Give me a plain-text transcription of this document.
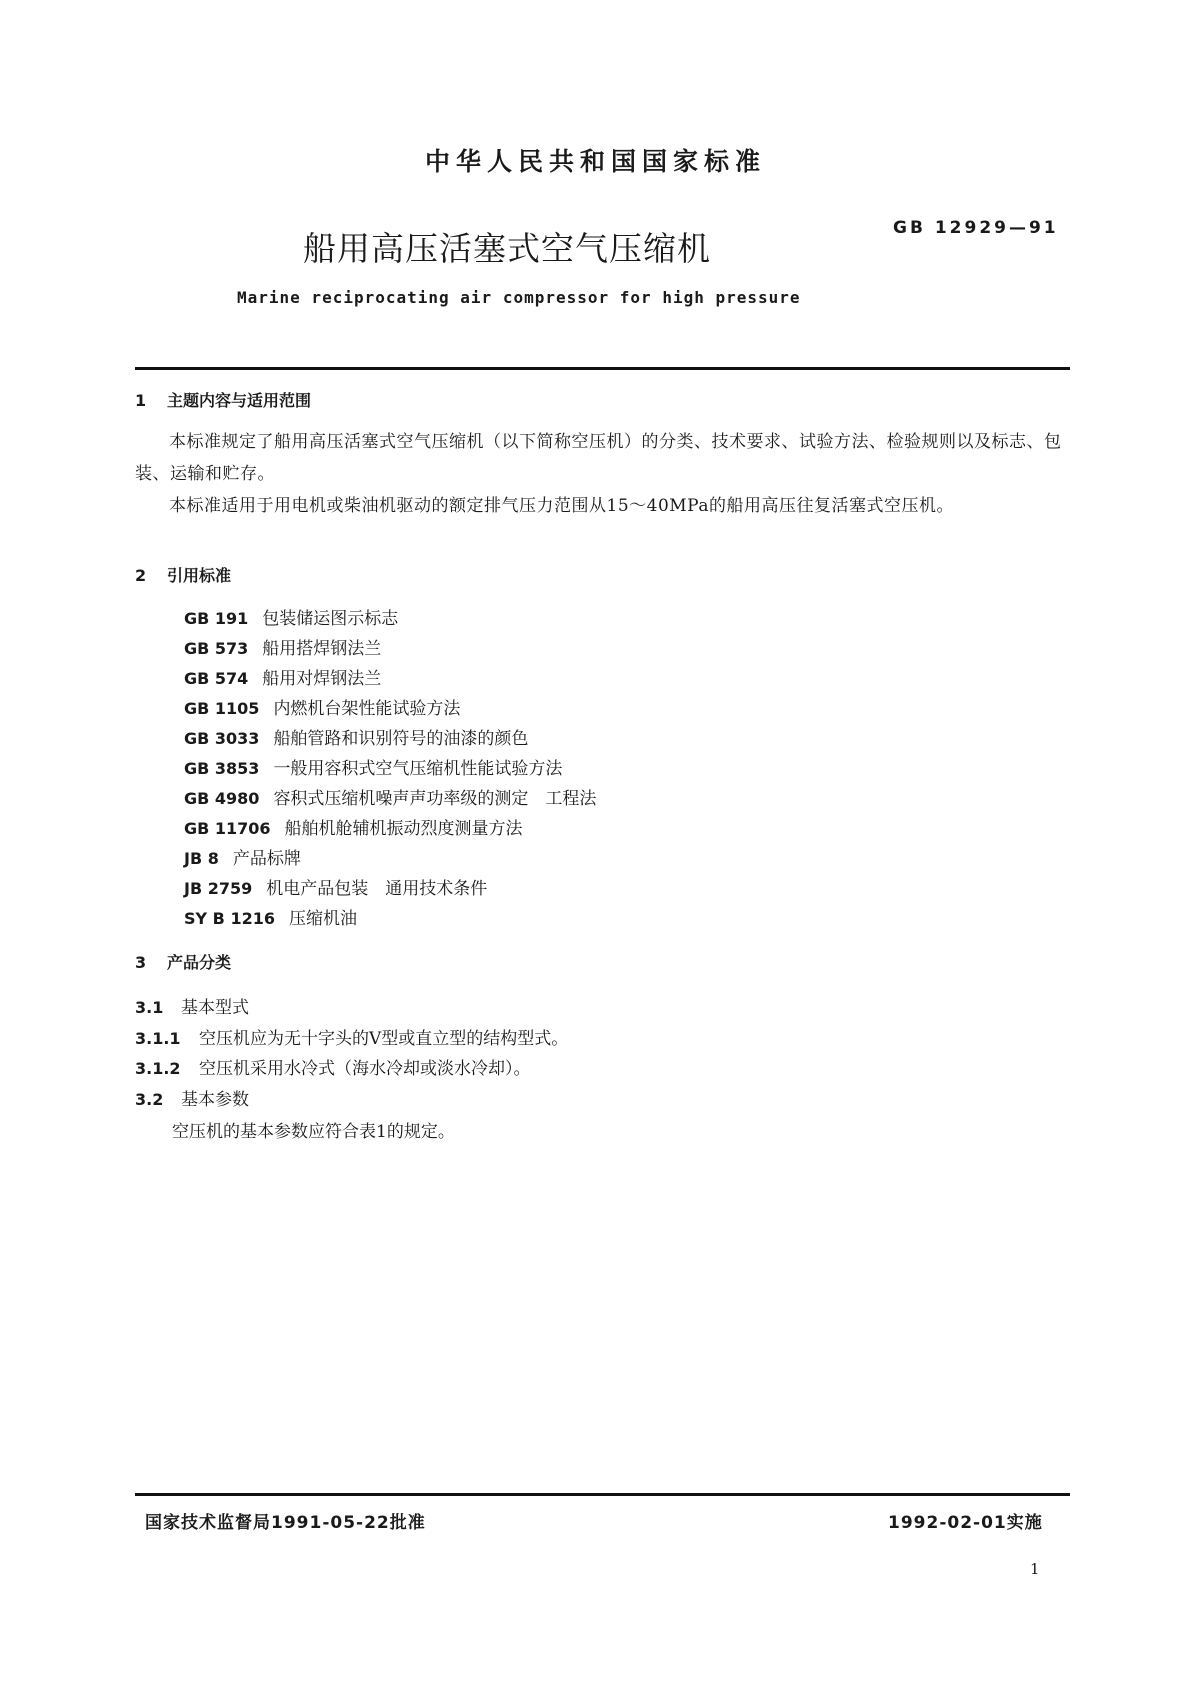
中华人民共和国国家标准
GB 12929—91
船用高压活塞式空气压缩机
Marine reciprocating air compressor for high pressure
1 主题内容与适用范围
本标准规定了船用高压活塞式空气压缩机（以下简称空压机）的分类、技术要求、试验方法、检验规则以及标志、包装、运输和贮存。
本标准适用于用电机或柴油机驱动的额定排气压力范围从15～40MPa的船用高压往复活塞式空压机。
2 引用标准
GB 191 包装储运图示标志
GB 573 船用搭焊钢法兰
GB 574 船用对焊钢法兰
GB 1105 内燃机台架性能试验方法
GB 3033 船舶管路和识别符号的油漆的颜色
GB 3853 一般用容积式空气压缩机性能试验方法
GB 4980 容积式压缩机噪声声功率级的测定　工程法
GB 11706 船舶机舱辅机振动烈度测量方法
JB 8 产品标牌
JB 2759 机电产品包装　通用技术条件
SY B 1216 压缩机油
3 产品分类
3.1 基本型式
3.1.1 空压机应为无十字头的V型或直立型的结构型式。
3.1.2 空压机采用水冷式（海水冷却或淡水冷却）。
3.2 基本参数
空压机的基本参数应符合表1的规定。
国家技术监督局1991-05-22批准	1992-02-01实施
1
